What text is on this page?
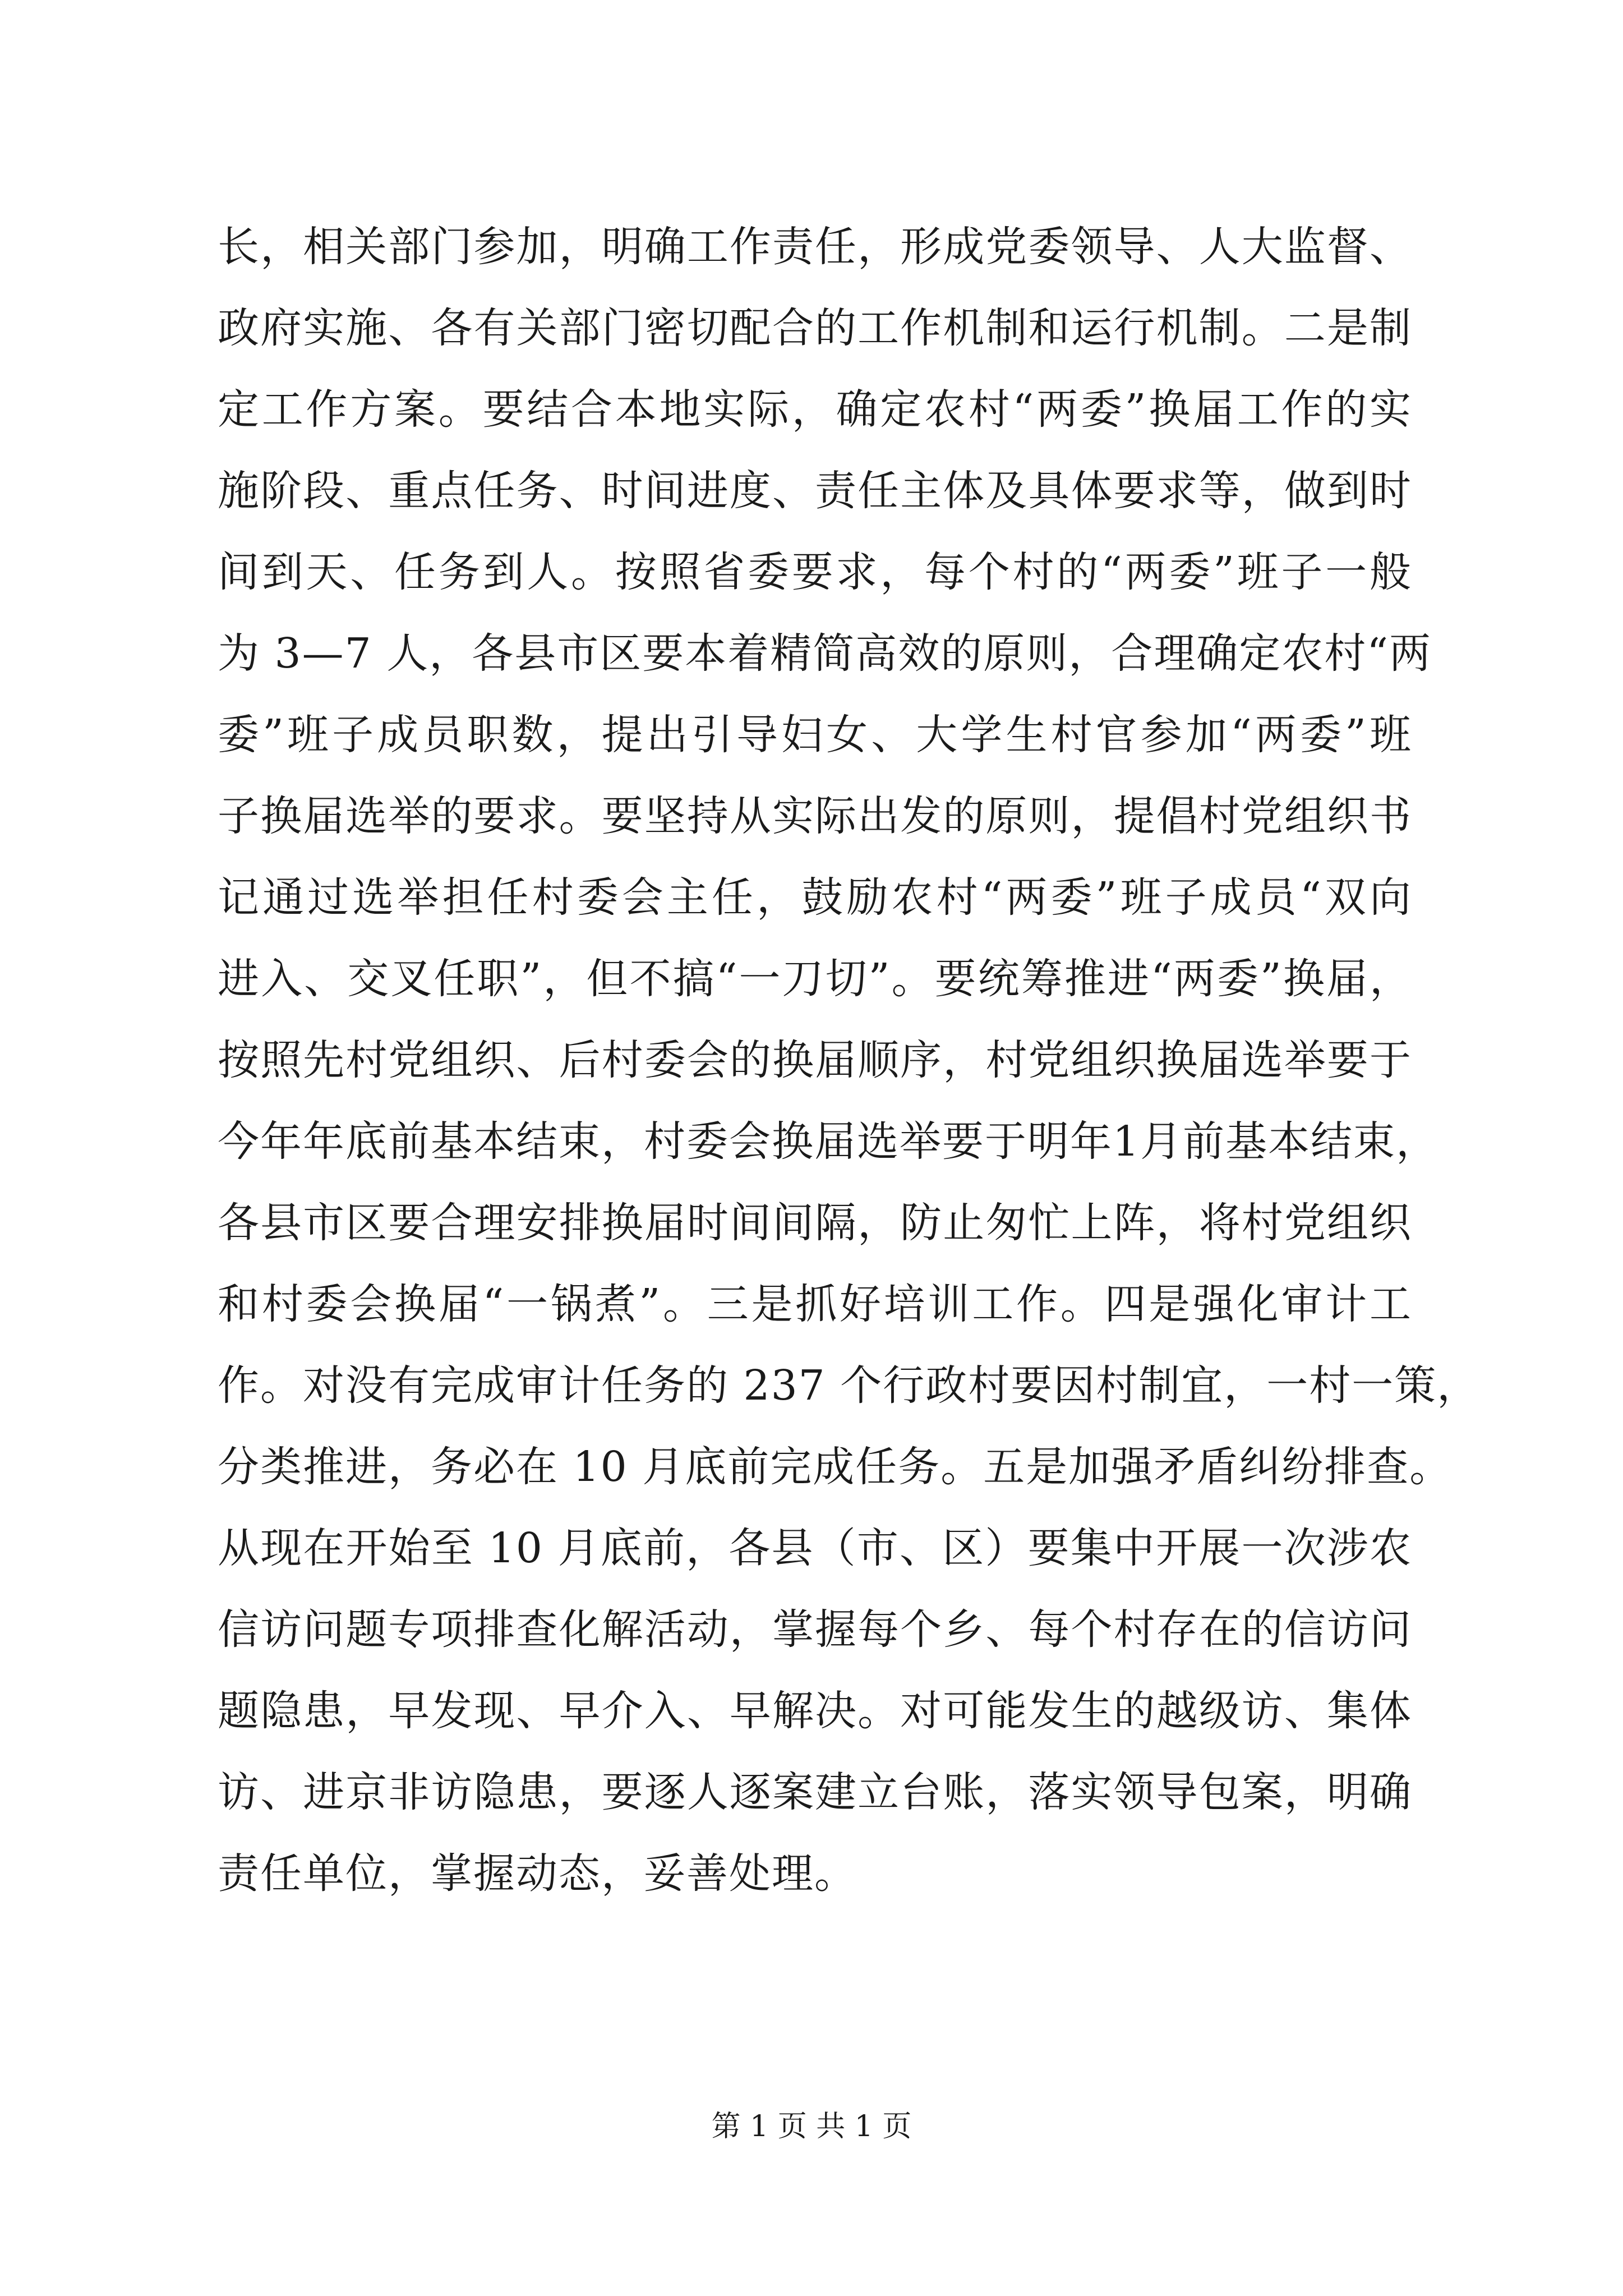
长，相关部门参加，明确工作责任，形成党委领导、人大监督、
政府实施、各有关部门密切配合的工作机制和运行机制。二是制
定工作方案。要结合本地实际，确定农村“两委”换届工作的实
施阶段、重点任务、时间进度、责任主体及具体要求等，做到时
间到天、任务到人。按照省委要求，每个村的“两委”班子一般
为 3—7 人，各县市区要本着精简高效的原则，合理确定农村“两
委”班子成员职数，提出引导妇女、大学生村官参加“两委”班
子换届选举的要求。要坚持从实际出发的原则，提倡村党组织书
记通过选举担任村委会主任，鼓励农村“两委”班子成员“双向
进入、交叉任职”，但不搞“一刀切”。要统筹推进“两委”换届，
按照先村党组织、后村委会的换届顺序，村党组织换届选举要于
今年年底前基本结束，村委会换届选举要于明年1月前基本结束，
各县市区要合理安排换届时间间隔，防止匆忙上阵，将村党组织
和村委会换届“一锅煮”。三是抓好培训工作。四是强化审计工
作。对没有完成审计任务的 237 个行政村要因村制宜，一村一策，
分类推进，务必在 10 月底前完成任务。五是加强矛盾纠纷排查。
从现在开始至 10 月底前，各县（市、区）要集中开展一次涉农
信访问题专项排查化解活动，掌握每个乡、每个村存在的信访问
题隐患，早发现、早介入、早解决。对可能发生的越级访、集体
访、进京非访隐患，要逐人逐案建立台账，落实领导包案，明确
责任单位，掌握动态，妥善处理。
第 1 页 共 1 页
